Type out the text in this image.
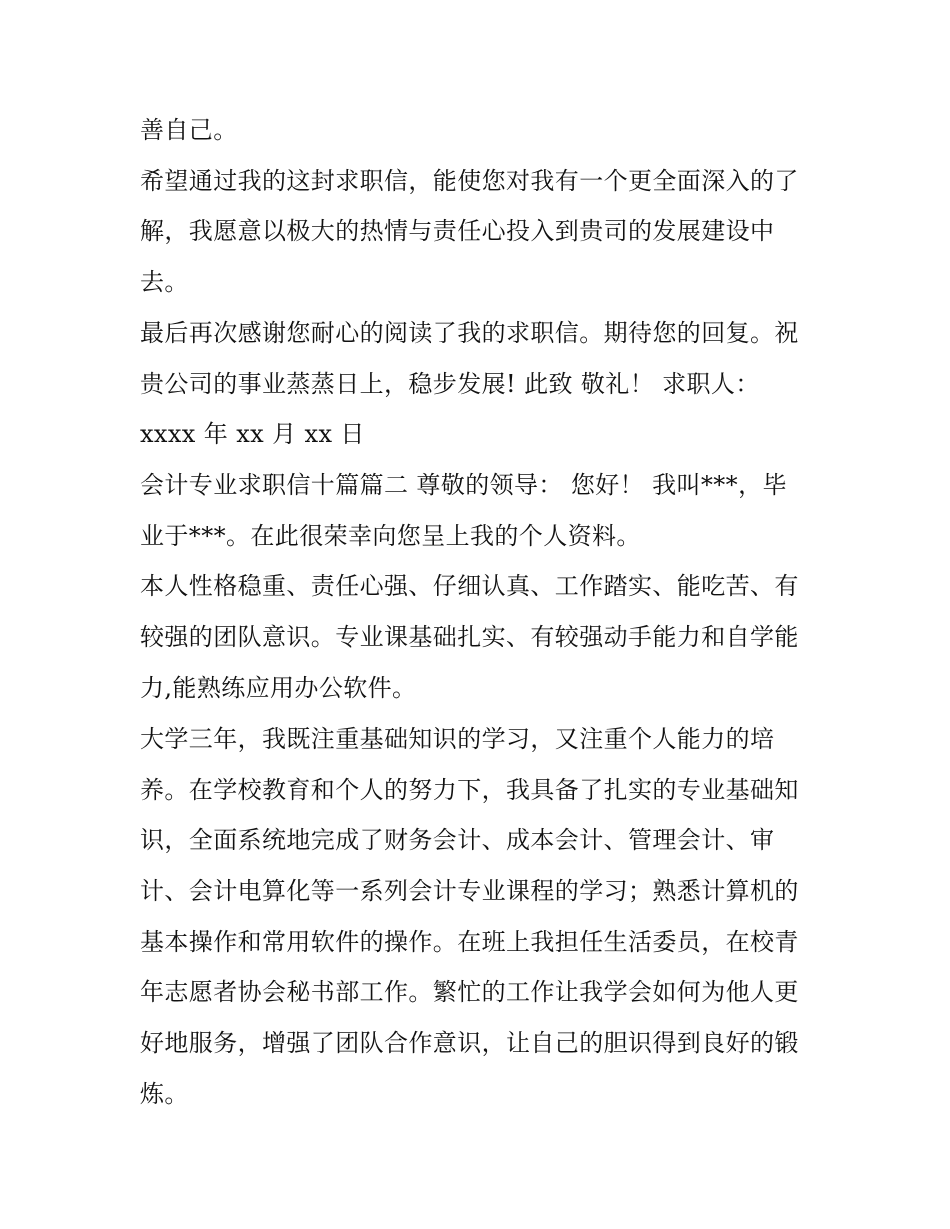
善自己。
希望通过我的这封求职信，能使您对我有一个更全面深入的了
解，我愿意以极大的热情与责任心投入到贵司的发展建设中
去。
最后再次感谢您耐心的阅读了我的求职信。期待您的回复。祝
贵公司的事业蒸蒸日上，稳步发展! 此致 敬礼！ 求职人：
xxxx 年 xx 月 xx 日
会计专业求职信十篇篇二 尊敬的领导： 您好！ 我叫***，毕
业于***。在此很荣幸向您呈上我的个人资料。
本人性格稳重、责任心强、仔细认真、工作踏实、能吃苦、有
较强的团队意识。专业课基础扎实、有较强动手能力和自学能
力,能熟练应用办公软件。
大学三年，我既注重基础知识的学习，又注重个人能力的培
养。在学校教育和个人的努力下，我具备了扎实的专业基础知
识，全面系统地完成了财务会计、成本会计、管理会计、审
计、会计电算化等一系列会计专业课程的学习；熟悉计算机的
基本操作和常用软件的操作。在班上我担任生活委员，在校青
年志愿者协会秘书部工作。繁忙的工作让我学会如何为他人更
好地服务，增强了团队合作意识，让自己的胆识得到良好的锻
炼。
